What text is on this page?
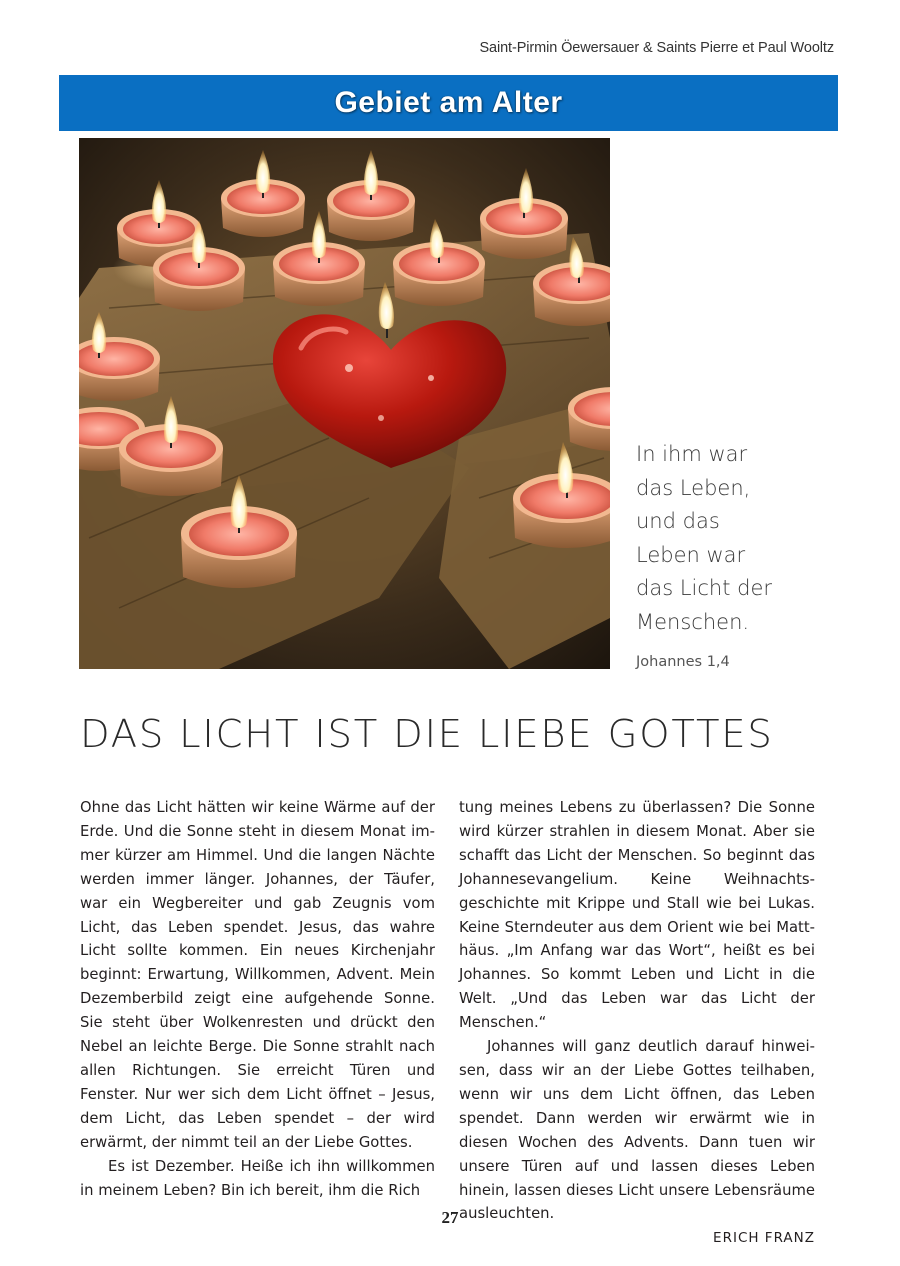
Saint-Pirmin Öewersauer & Saints Pierre et Paul Wooltz
Gebiet am Alter
In ihm war
das Leben,
und das
Leben war
das Licht der
Menschen.
Johannes 1,4
DAS LICHT IST DIE LIEBE GOTTES

Ohne das Licht hätten wir keine Wärme auf der Erde. Und die Sonne steht in diesem Monat immer kürzer am Himmel. Und die langen Nächte werden immer länger. Johannes, der Täufer, war ein Wegbereiter und gab Zeugnis vom Licht, das Leben spendet. Jesus, das wahre Licht sollte kommen. Ein neues Kirchenjahr beginnt: Erwartung, Willkommen, Advent. Mein Dezemberbild zeigt eine aufgehende Sonne. Sie steht über Wolkenresten und drückt den Nebel an leichte Berge. Die Sonne strahlt nach allen Richtungen. Sie erreicht Türen und Fenster. Nur wer sich dem Licht öffnet – Jesus, dem Licht, das Leben spendet – der wird erwärmt, der nimmt teil an der Liebe Gottes.

Es ist Dezember. Heiße ich ihn willkommen in meinem Leben? Bin ich bereit, ihm die Rich

tung meines Lebens zu überlassen? Die Sonne wird kürzer strahlen in diesem Monat. Aber sie schafft das Licht der Menschen. So beginnt das Johannesevangelium. Keine Weihnachtsgeschichte mit Krippe und Stall wie bei Lukas. Keine Sterndeuter aus dem Orient wie bei Matthäus. „Im Anfang war das Wort“, heißt es bei Johannes. So kommt Leben und Licht in die Welt. „Und das Leben war das Licht der Menschen.“

Johannes will ganz deutlich darauf hinweisen, dass wir an der Liebe Gottes teilhaben, wenn wir uns dem Licht öffnen, das Leben spendet. Dann werden wir erwärmt wie in diesen Wochen des Advents. Dann tuen wir unsere Türen auf und lassen dieses Leben hinein, lassen dieses Licht unsere Lebensräume ausleuchten.

ERICH FRANZ
27
